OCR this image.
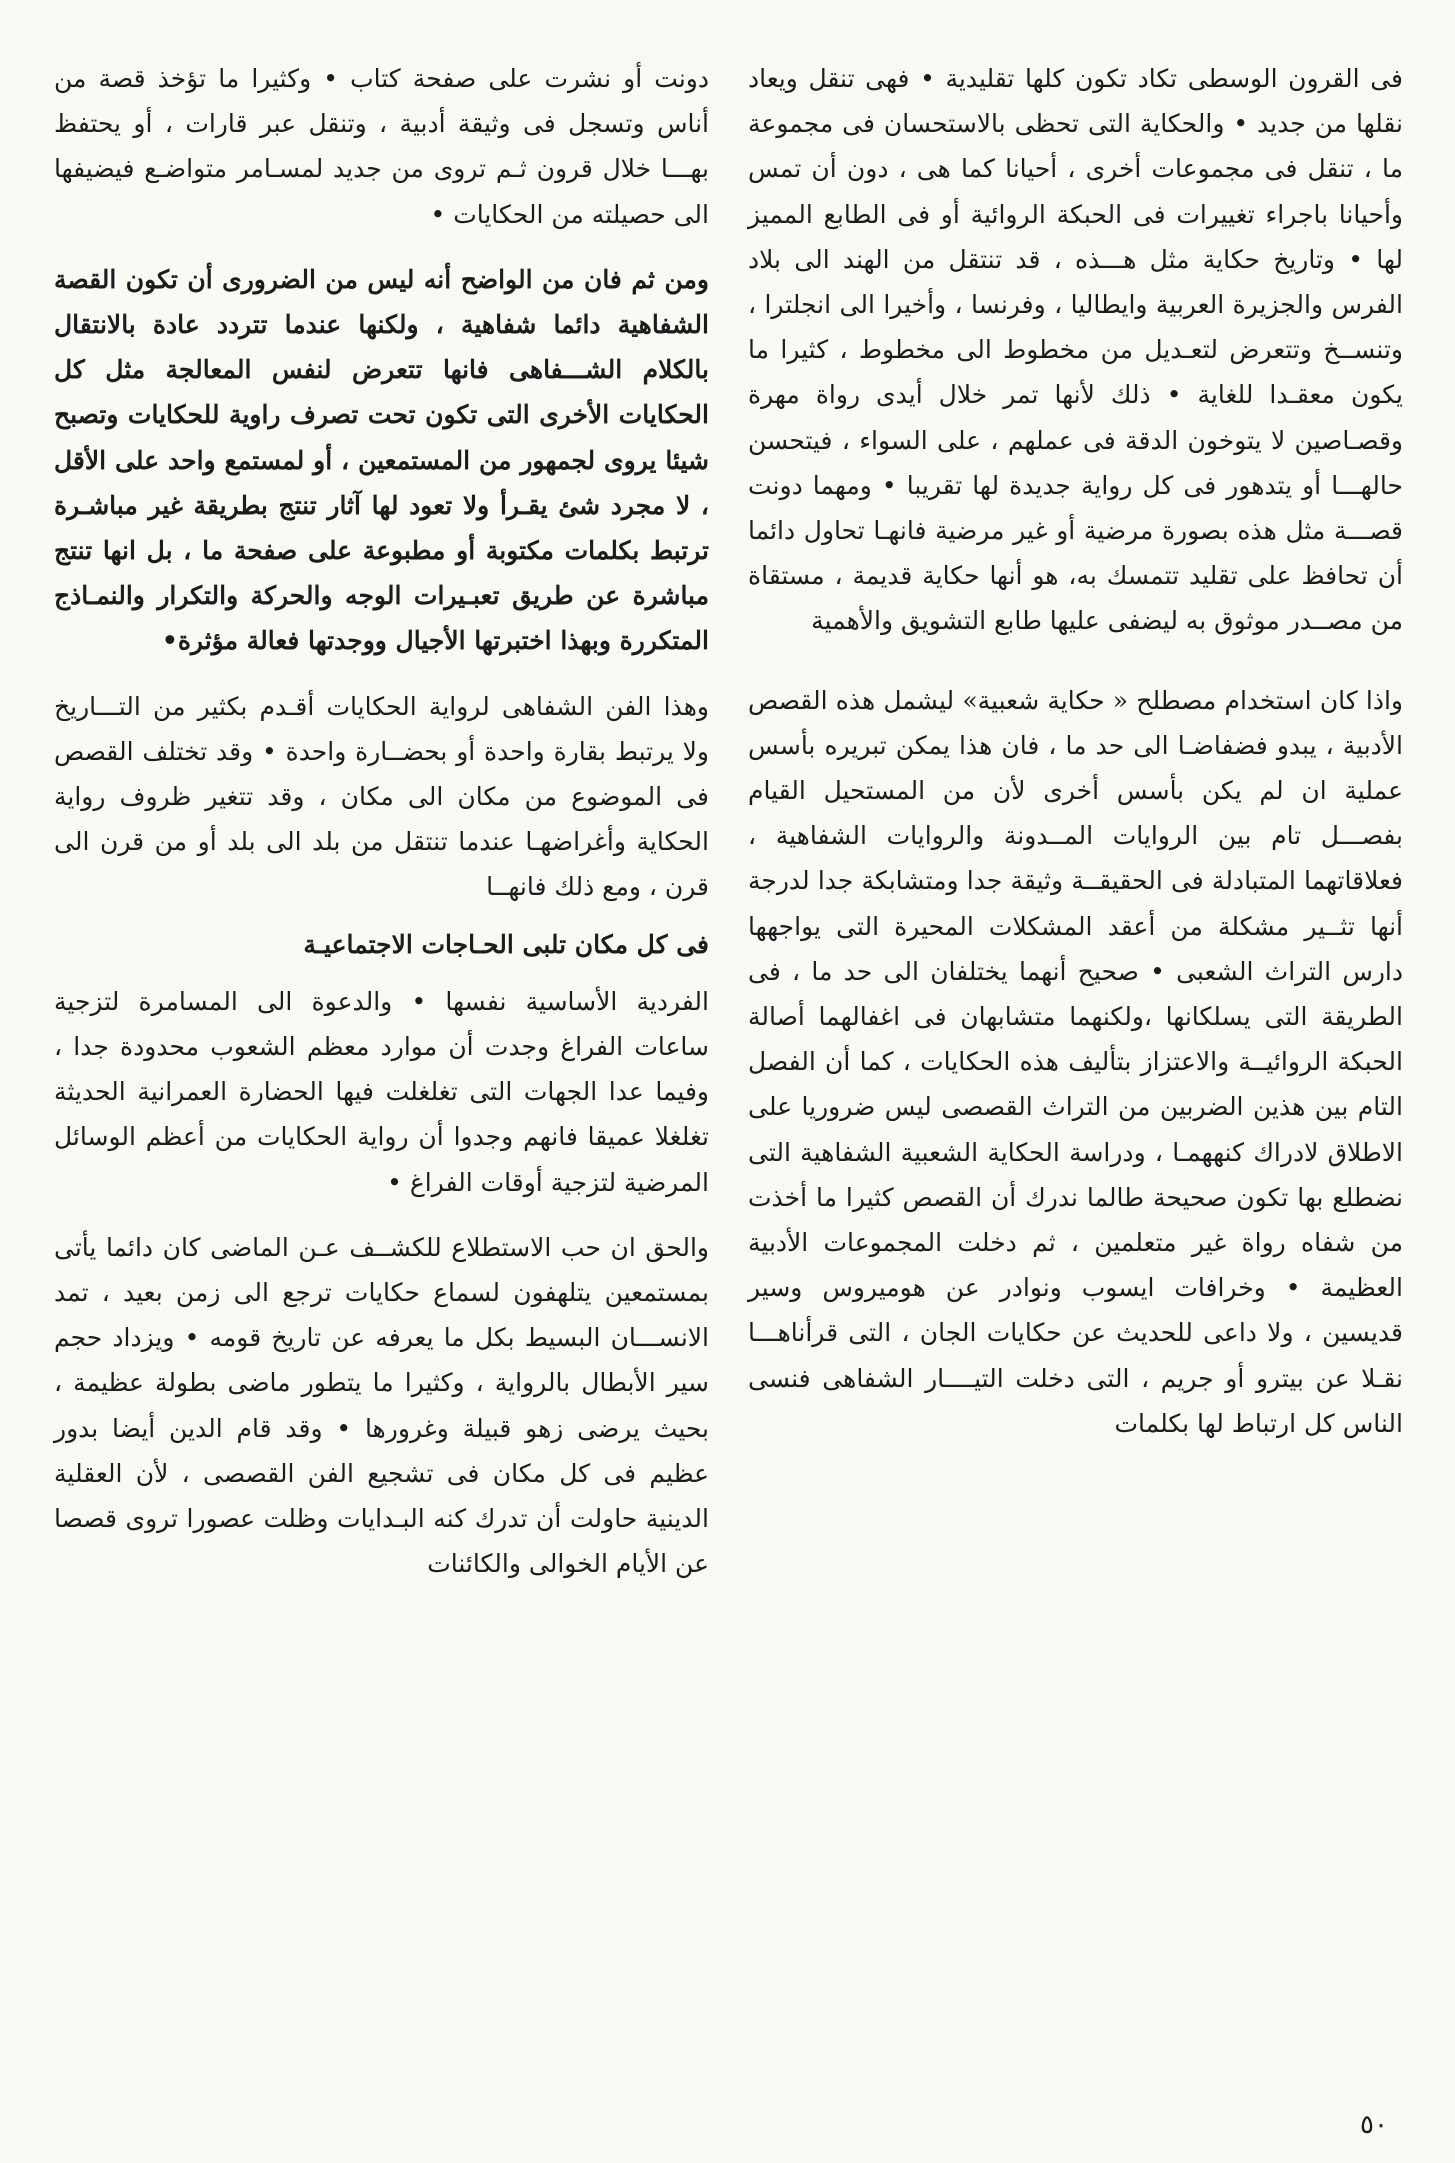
فى القرون الوسطى تكاد تكون كلها تقليدية • فهى تنقل ويعاد نقلها من جديد • والحكاية التى تحظى بالاستحسان فى مجموعة ما ، تنقل فى مجموعات أخرى ، أحيانا كما هى ، دون أن تمس وأحيانا باجراء تغييرات فى الحبكة الروائية أو فى الطابع المميز لها • وتاريخ حكاية مثل هـــذه ، قد تنتقل من الهند الى بلاد الفرس والجزيرة العربية وايطاليا ، وفرنسا ، وأخيرا الى انجلترا ، وتنســخ وتتعرض لتعـديل من مخطوط الى مخطوط ، كثيرا ما يكون معقـدا للغاية • ذلك لأنها تمر خلال أيدى رواة مهرة وقصـاصين لا يتوخون الدقة فى عملهم ، على السواء ، فيتحسن حالهـــا أو يتدهور فى كل رواية جديدة لها تقريبا • ومهما دونت قصـــة مثل هذه بصورة مرضية أو غير مرضية فانهـا تحاول دائما أن تحافظ على تقليد تتمسك به، هو أنها حكاية قديمة ، مستقاة من مصــدر موثوق به ليضفى عليها طابع التشويق والأهمية

واذا كان استخدام مصطلح « حكاية شعبية» ليشمل هذه القصص الأدبية ، يبدو فضفاضـا الى حد ما ، فان هذا يمكن تبريره بأسس عملية ان لم يكن بأسس أخرى لأن من المستحيل القيام بفصـــل تام بين الروايات المــدونة والروايات الشفاهية ، فعلاقاتهما المتبادلة فى الحقيقــة وثيقة جدا ومتشابكة جدا لدرجة أنها تثــير مشكلة من أعقد المشكلات المحيرة التى يواجهها دارس التراث الشعبى • صحيح أنهما يختلفان الى حد ما ، فى الطريقة التى يسلكانها ،ولكنهما متشابهان فى اغفالهما أصالة الحبكة الروائيــة والاعتزاز بتأليف هذه الحكايات ، كما أن الفصل التام بين هذين الضربين من التراث القصصى ليس ضروريا على الاطلاق لادراك كنههمـا ، ودراسة الحكاية الشعبية الشفاهية التى نضطلع بها تكون صحيحة طالما ندرك أن القصص كثيرا ما أخذت من شفاه رواة غير متعلمين ، ثم دخلت المجموعات الأدبية العظيمة • وخرافات ايسوب ونوادر عن هوميروس وسير قديسين ، ولا داعى للحديث عن حكايات الجان ، التى قرأناهـــا نقـلا عن بيترو أو جريم ، التى دخلت التيــــار الشفاهى فنسى الناس كل ارتباط لها بكلمات

دونت أو نشرت على صفحة كتاب • وكثيرا ما تؤخذ قصة من أناس وتسجل فى وثيقة أدبية ، وتنقل عبر قارات ، أو يحتفظ بهـــا خلال قرون ثـم تروى من جديد لمسـامر متواضـع فيضيفها الى حصيلته من الحكايات •

ومن ثم فان من الواضح أنه ليس من الضرورى أن تكون القصة الشفاهية دائما شفاهية ، ولكنها عندما تتردد عادة بالانتقال بالكلام الشـــفاهى فانها تتعرض لنفس المعالجة مثل كل الحكايات الأخرى التى تكون تحت تصرف راوية للحكايات وتصبح شيئا يروى لجمهور من المستمعين ، أو لمستمع واحد على الأقل ، لا مجرد شئ يقـرأ ولا تعود لها آثار تنتج بطريقة غير مباشـرة ترتبط بكلمات مكتوبة أو مطبوعة على صفحة ما ، بل انها تنتج مباشرة عن طريق تعبـيرات الوجه والحركة والتكرار والنمـاذج المتكررة وبهذا اختبرتها الأجيال ووجدتها فعالة مؤثرة•

وهذا الفن الشفاهى لرواية الحكايات أقـدم بكثير من التـــاريخ ولا يرتبط بقارة واحدة أو بحضــارة واحدة • وقد تختلف القصص فى الموضوع من مكان الى مكان ، وقد تتغير ظروف رواية الحكاية وأغراضهـا عندما تنتقل من بلد الى بلد أو من قرن الى قرن ، ومع ذلك فانهــا

فى كل مكان تلبى الحـاجات الاجتماعيـة

الفردية الأساسية نفسها • والدعوة الى المسامرة لتزجية ساعات الفراغ وجدت أن موارد معظم الشعوب محدودة جدا ، وفيما عدا الجهات التى تغلغلت فيها الحضارة العمرانية الحديثة تغلغلا عميقا فانهم وجدوا أن رواية الحكايات من أعظم الوسائل المرضية لتزجية أوقات الفراغ •

والحق ان حب الاستطلاع للكشــف عـن الماضى كان دائما يأتى بمستمعين يتلهفون لسماع حكايات ترجع الى زمن بعيد ، تمد الانســـان البسيط بكل ما يعرفه عن تاريخ قومه • ويزداد حجم سير الأبطال بالرواية ، وكثيرا ما يتطور ماضى بطولة عظيمة ، بحيث يرضى زهو قبيلة وغرورها • وقد قام الدين أيضا بدور عظيم فى كل مكان فى تشجيع الفن القصصى ، لأن العقلية الدينية حاولت أن تدرك كنه البـدايات وظلت عصورا تروى قصصا عن الأيام الخوالى والكائنات

٥٠
